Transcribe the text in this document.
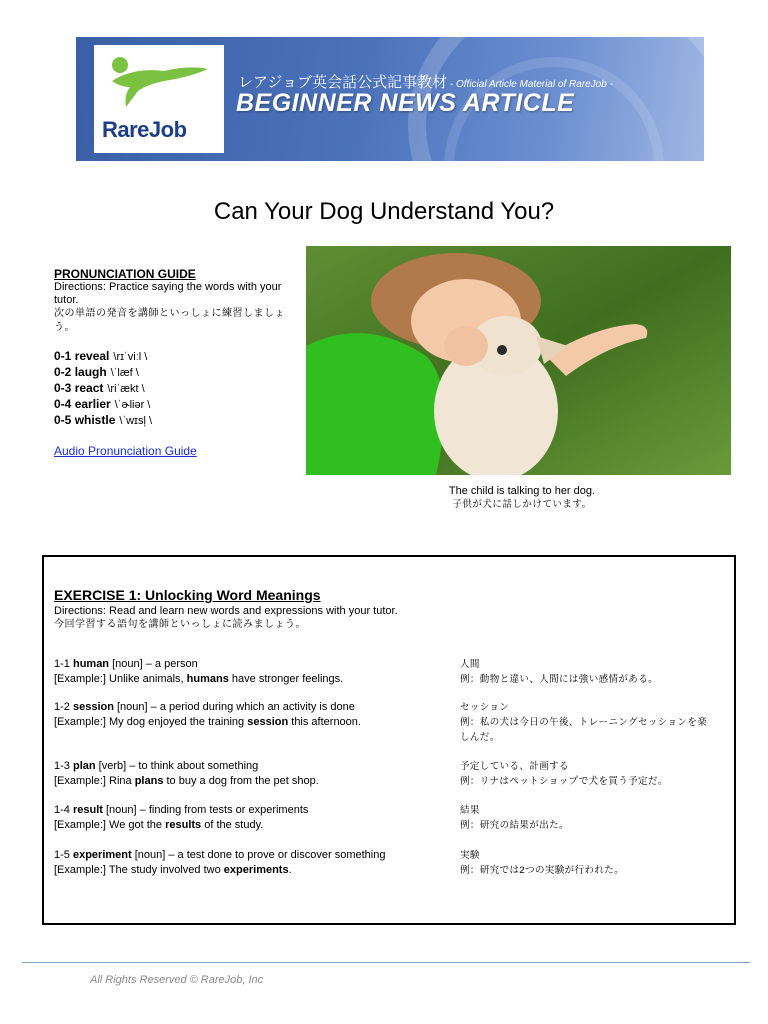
RareJob
レアジョブ英会話公式記事教材 - Official Article Material of RareJob -
BEGINNER NEWS ARTICLE
Can Your Dog Understand You?
PRONUNCIATION GUIDE
Directions: Practice saying the words with your tutor.
次の単語の発音を講師といっしょに練習しましょう。
0-1 reveal \rɪˈviːl \
0-2 laugh \ˈlæf \
0-3 react \riˈækt \
0-4 earlier \ˈɚliər \
0-5 whistle \ˈwɪsļ \
Audio Pronunciation Guide
The child is talking to her dog.
子供が犬に話しかけています。
EXERCISE 1: Unlocking Word Meanings
Directions: Read and learn new words and expressions with your tutor.
今回学習する語句を講師といっしょに読みましょう。
1-1 human [noun] – a person
[Example:] Unlike animals, humans have stronger feelings.
人間
例：動物と違い、人間には強い感情がある。
1-2 session [noun] – a period during which an activity is done
[Example:] My dog enjoyed the training session this afternoon.
セッション
例：私の犬は今日の午後、トレーニングセッションを楽しんだ。
1-3 plan [verb] – to think about something
[Example:] Rina plans to buy a dog from the pet shop.
予定している、計画する
例：リナはペットショップで犬を買う予定だ。
1-4 result [noun] – finding from tests or experiments
[Example:] We got the results of the study.
結果
例：研究の結果が出た。
1-5 experiment [noun] – a test done to prove or discover something
[Example:] The study involved two experiments.
実験
例：研究では2つの実験が行われた。
All Rights Reserved © RareJob, Inc
